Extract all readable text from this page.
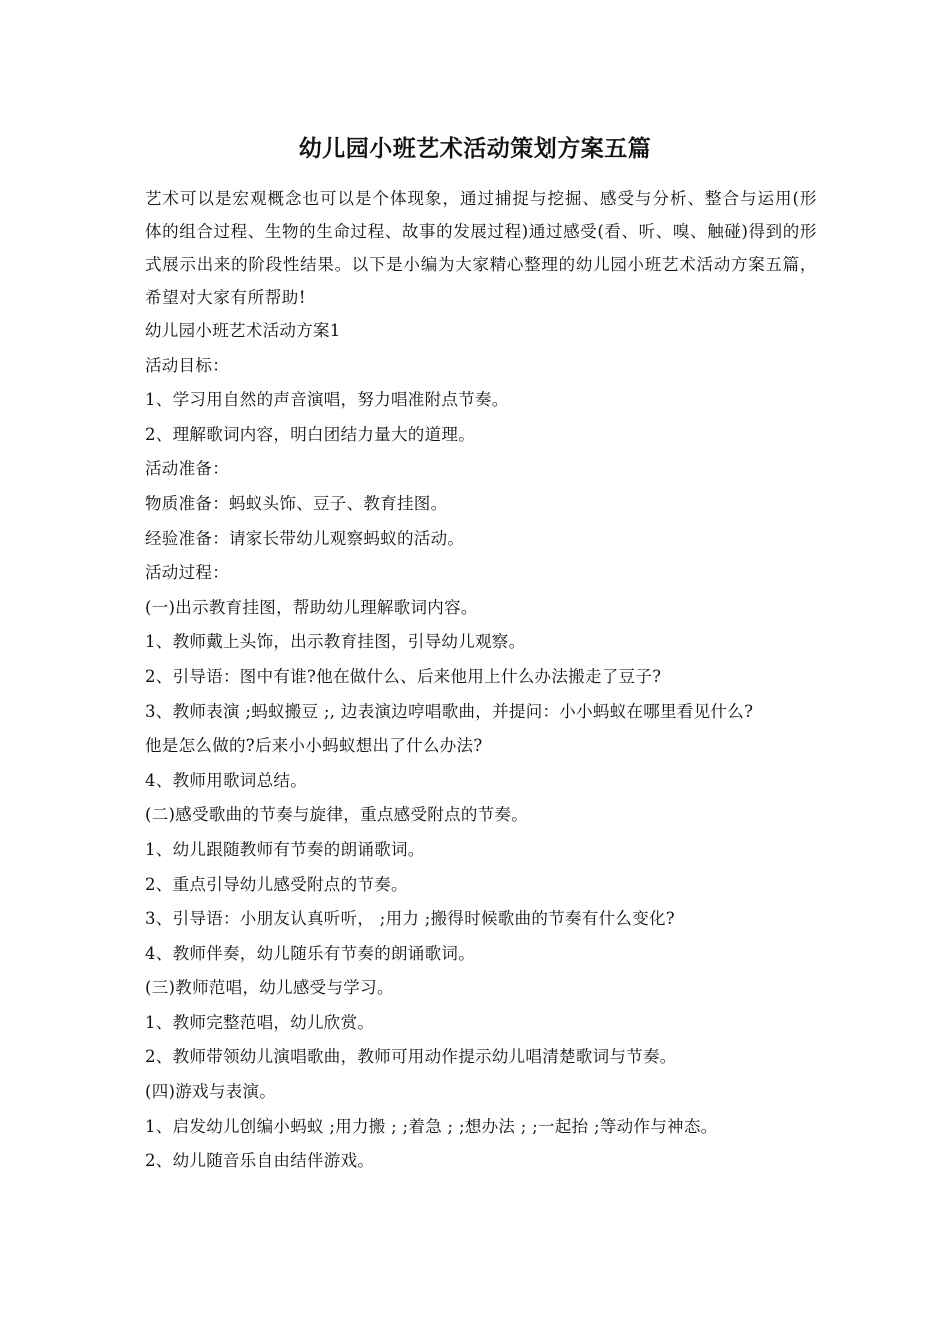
幼儿园小班艺术活动策划方案五篇

艺术可以是宏观概念也可以是个体现象，通过捕捉与挖掘、感受与分析、整合与运用(形体的组合过程、生物的生命过程、故事的发展过程)通过感受(看、听、嗅、触碰)得到的形式展示出来的阶段性结果。以下是小编为大家精心整理的幼儿园小班艺术活动方案五篇，希望对大家有所帮助!

幼儿园小班艺术活动方案1

活动目标：

1、学习用自然的声音演唱，努力唱准附点节奏。

2、理解歌词内容，明白团结力量大的道理。

活动准备：

物质准备：蚂蚁头饰、豆子、教育挂图。

经验准备：请家长带幼儿观察蚂蚁的活动。

活动过程：

(一)出示教育挂图，帮助幼儿理解歌词内容。

1、教师戴上头饰，出示教育挂图，引导幼儿观察。

2、引导语：图中有谁?他在做什么、后来他用上什么办法搬走了豆子?

3、教师表演 ;蚂蚁搬豆 ;, 边表演边哼唱歌曲，并提问：小小蚂蚁在哪里看见什么?

他是怎么做的?后来小小蚂蚁想出了什么办法?

4、教师用歌词总结。

(二)感受歌曲的节奏与旋律，重点感受附点的节奏。

1、幼儿跟随教师有节奏的朗诵歌词。

2、重点引导幼儿感受附点的节奏。

3、引导语：小朋友认真听听， ;用力 ;搬得时候歌曲的节奏有什么变化?

4、教师伴奏，幼儿随乐有节奏的朗诵歌词。

(三)教师范唱，幼儿感受与学习。

1、教师完整范唱，幼儿欣赏。

2、教师带领幼儿演唱歌曲，教师可用动作提示幼儿唱清楚歌词与节奏。

(四)游戏与表演。

1、启发幼儿创编小蚂蚁 ;用力搬 ; ;着急 ; ;想办法 ; ;一起抬 ;等动作与神态。

2、幼儿随音乐自由结伴游戏。
